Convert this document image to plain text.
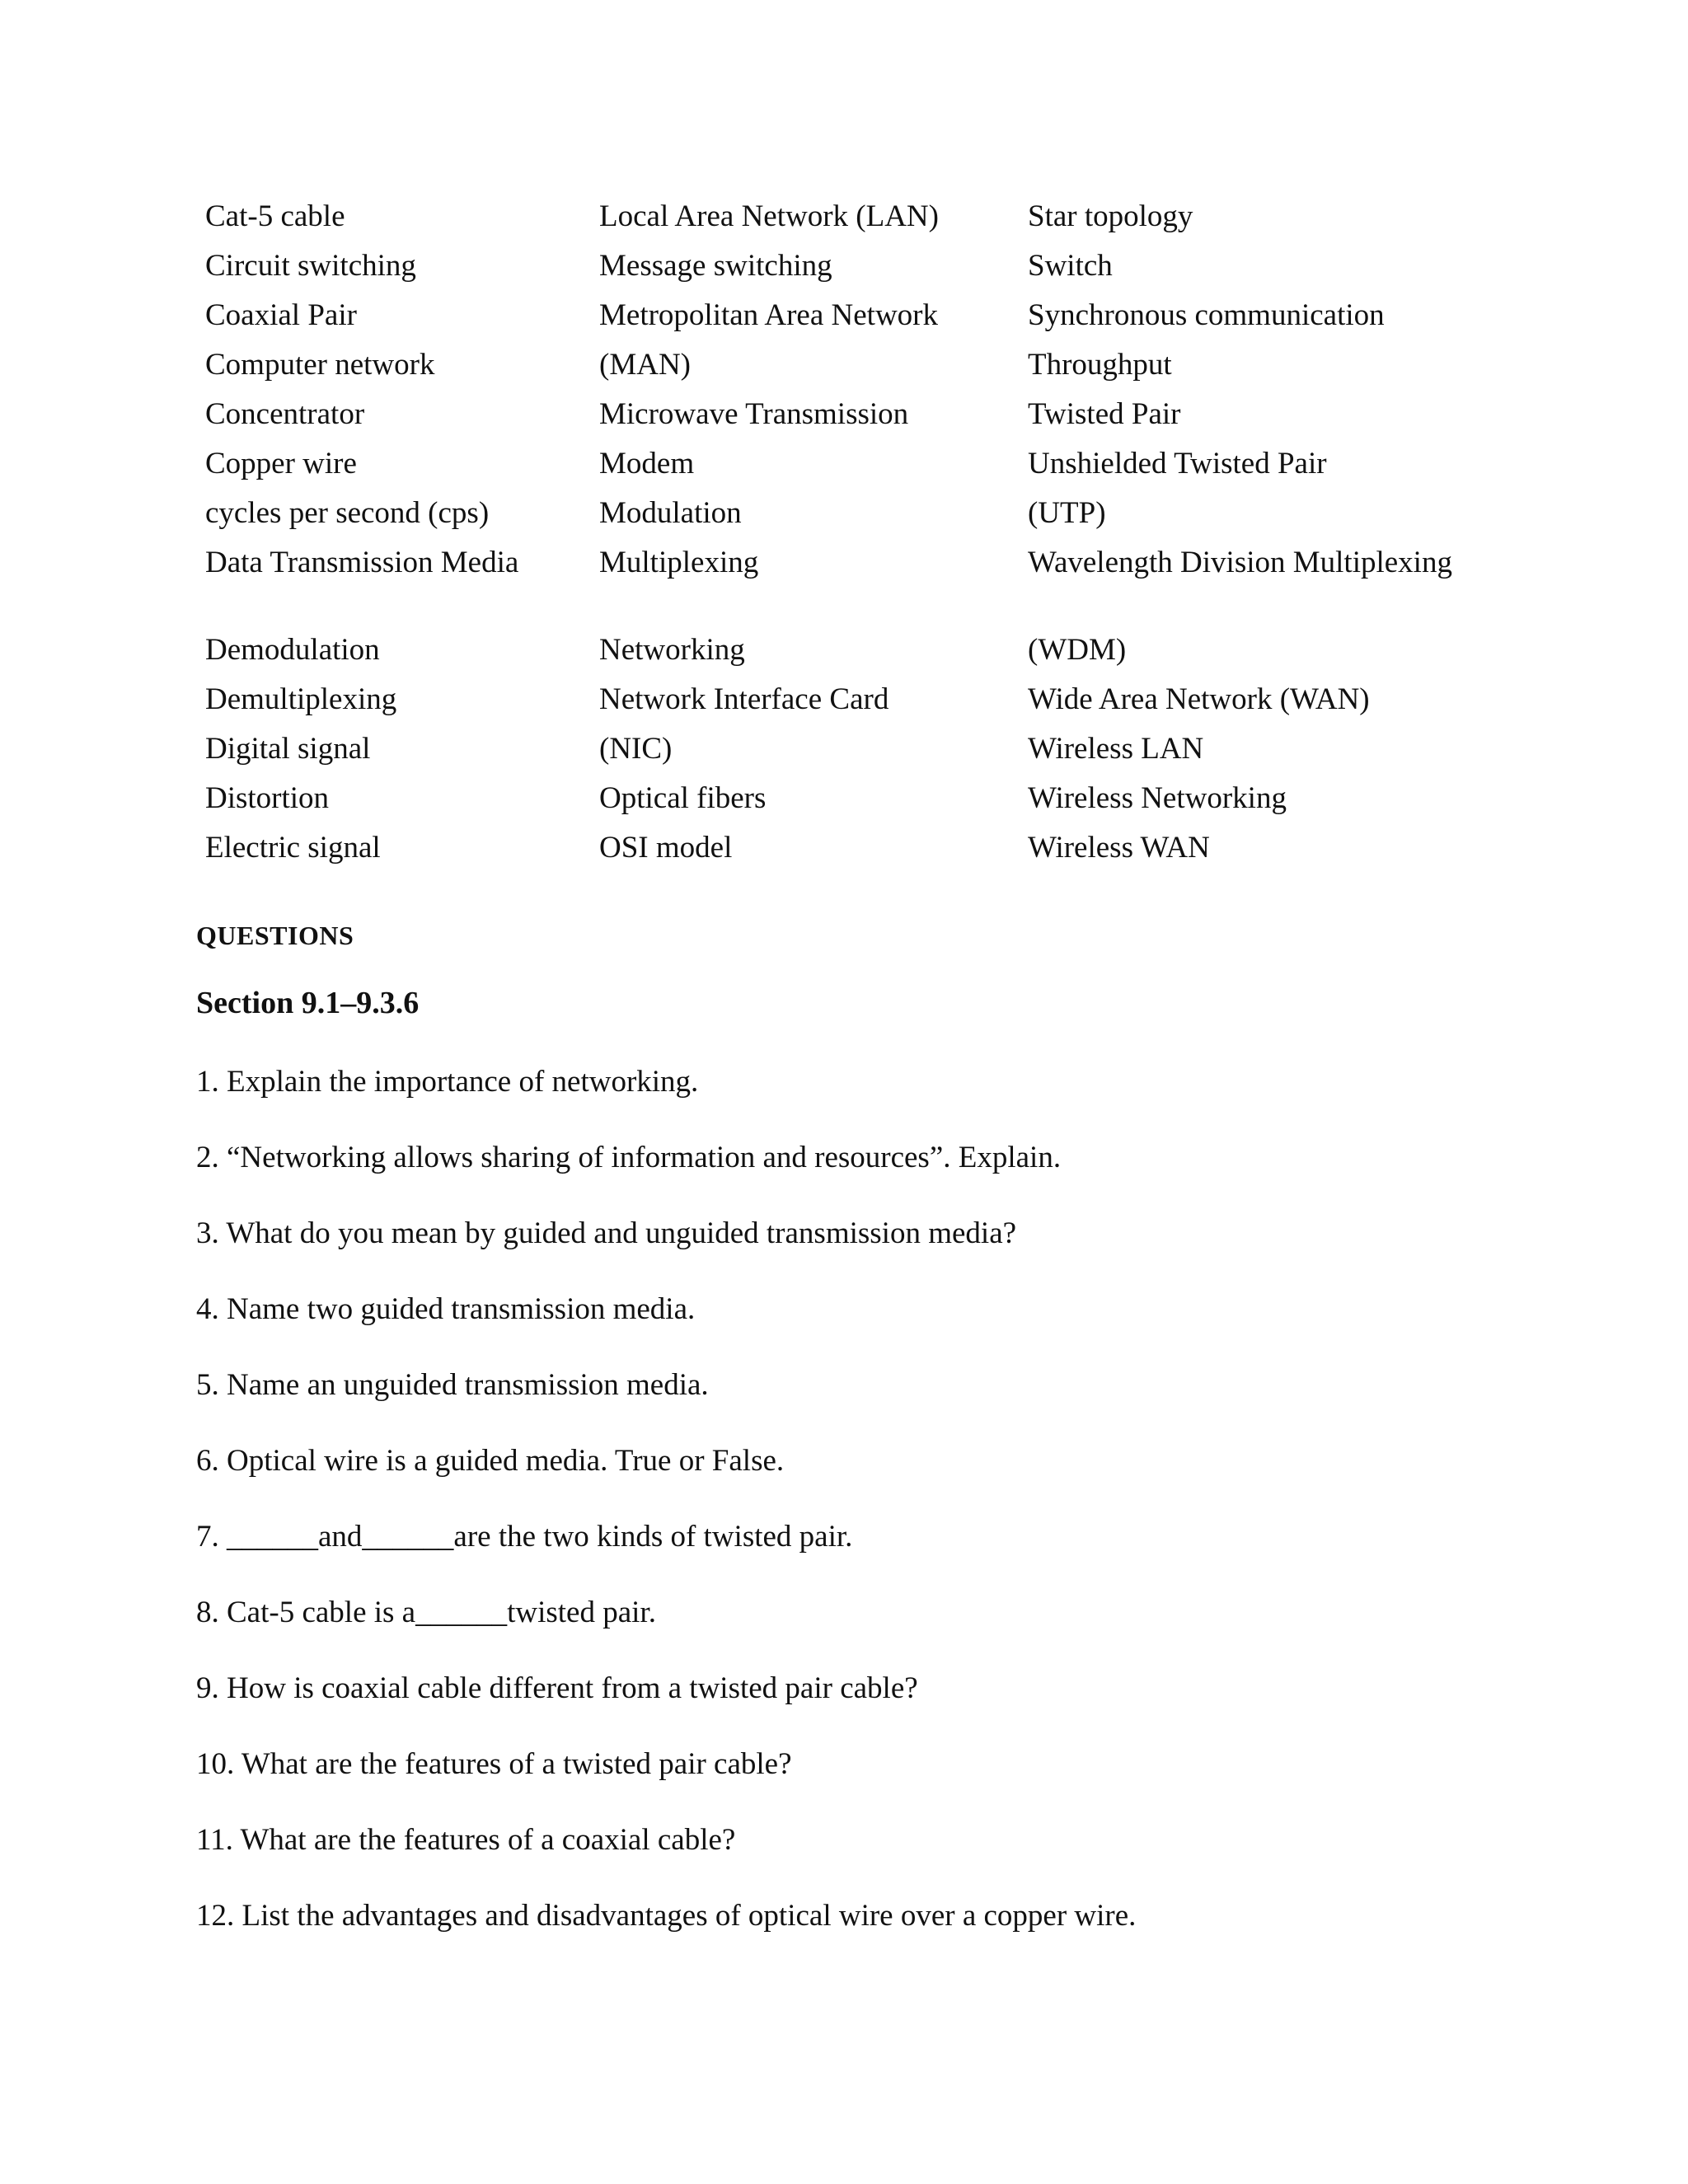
Cat-5 cable	Local Area Network (LAN)	Star topology
Circuit switching	Message switching	Switch
Coaxial Pair	Metropolitan Area Network	Synchronous communication
Computer network	(MAN)	Throughput
Concentrator	Microwave Transmission	Twisted Pair
Copper wire	Modem	Unshielded Twisted Pair
cycles per second (cps)	Modulation	(UTP)
Data Transmission Media	Multiplexing	Wavelength Division Multiplexing
Demodulation	Networking	(WDM)
Demultiplexing	Network Interface Card	Wide Area Network (WAN)
Digital signal	(NIC)	Wireless LAN
Distortion	Optical fibers	Wireless Networking
Electric signal	OSI model	Wireless WAN
QUESTIONS
Section 9.1–9.3.6
1. Explain the importance of networking.
2. “Networking allows sharing of information and resources”. Explain.
3. What do you mean by guided and unguided transmission media?
4. Name two guided transmission media.
5. Name an unguided transmission media.
6. Optical wire is a guided media. True or False.
7. ______and______are the two kinds of twisted pair.
8. Cat-5 cable is a______twisted pair.
9. How is coaxial cable different from a twisted pair cable?
10. What are the features of a twisted pair cable?
11. What are the features of a coaxial cable?
12. List the advantages and disadvantages of optical wire over a copper wire.
